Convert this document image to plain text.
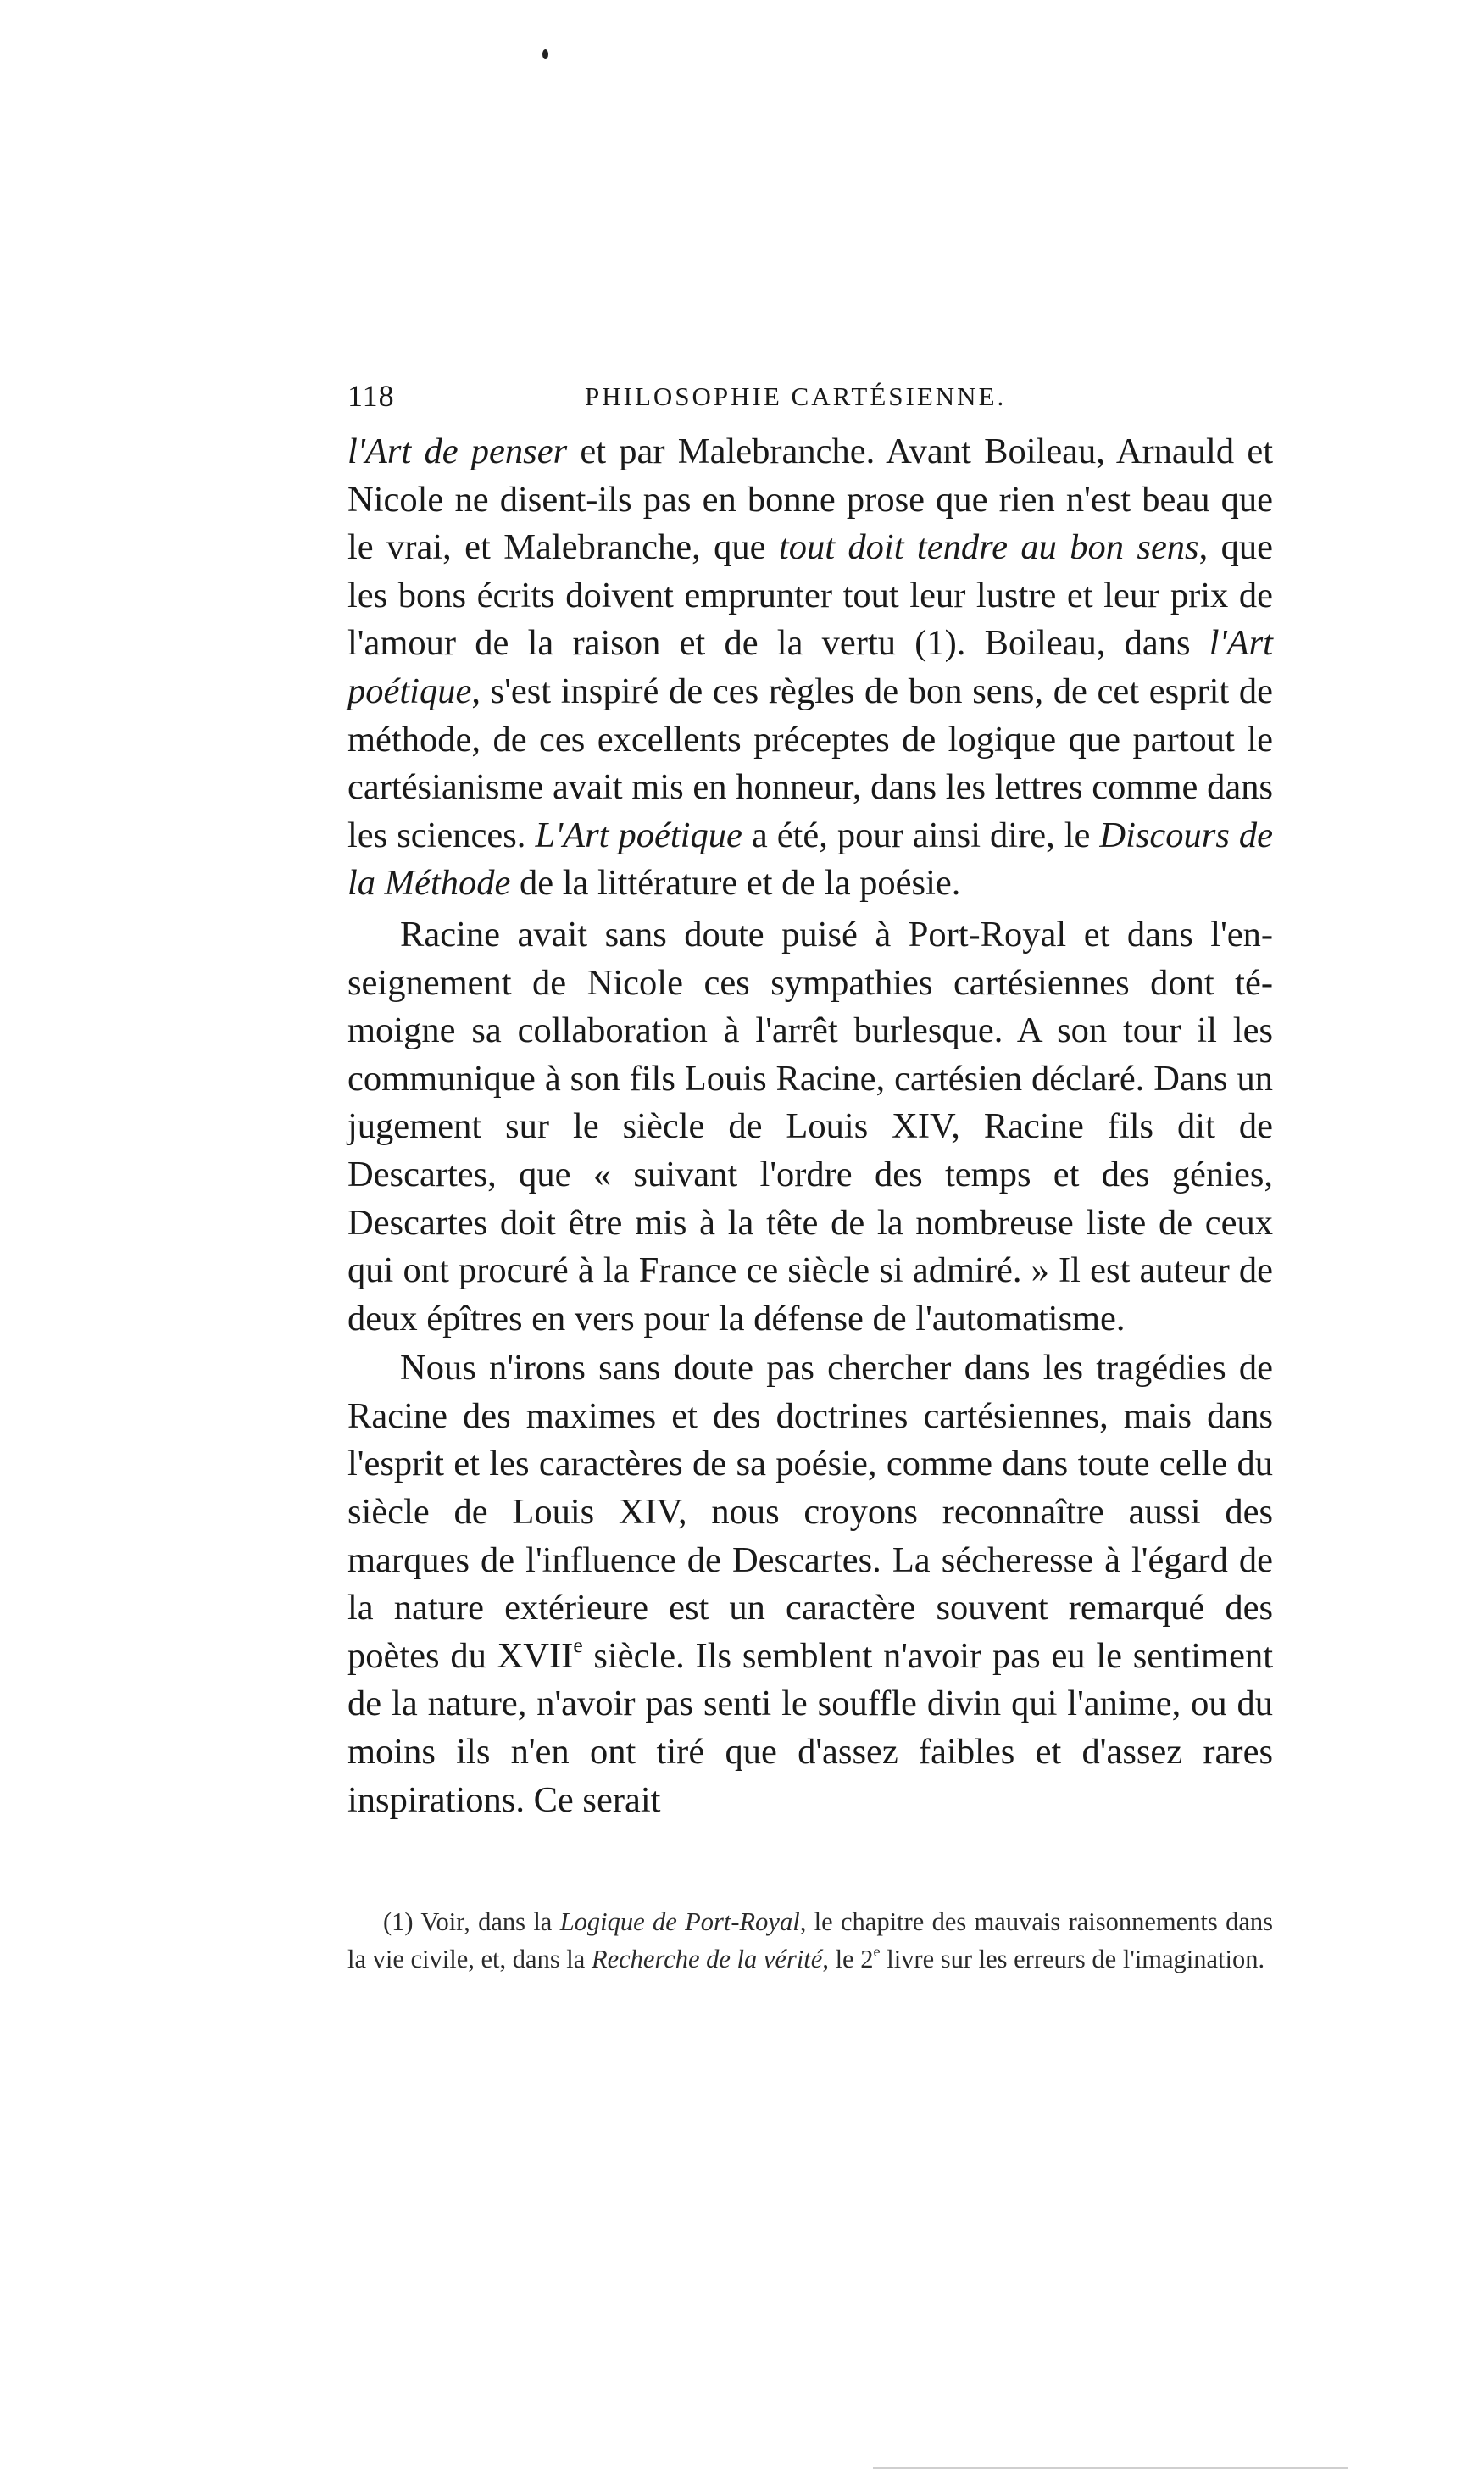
118	PHILOSOPHIE CARTÉSIENNE.

l'Art de penser et par Malebranche. Avant Boileau, Arnauld et Nicole ne disent-ils pas en bonne prose que rien n'est beau que le vrai, et Malebranche, que tout doit tendre au bon sens, que les bons écrits doivent emprunter tout leur lustre et leur prix de l'amour de la raison et de la vertu (1). Boileau, dans l'Art poétique, s'est inspiré de ces règles de bon sens, de cet esprit de méthode, de ces excellents préceptes de logique que partout le cartésianisme avait mis en honneur, dans les lettres comme dans les sciences. L'Art poétique a été, pour ainsi dire, le Discours de la Méthode de la littérature et de la poésie.

Racine avait sans doute puisé à Port-Royal et dans l'enseignement de Nicole ces sympathies cartésiennes dont témoigne sa collaboration à l'arrêt burlesque. A son tour il les communique à son fils Louis Racine, cartésien déclaré. Dans un jugement sur le siècle de Louis XIV, Racine fils dit de Descartes, que « suivant l'ordre des temps et des génies, Descartes doit être mis à la tête de la nombreuse liste de ceux qui ont procuré à la France ce siècle si admiré. » Il est auteur de deux épîtres en vers pour la défense de l'automatisme.

Nous n'irons sans doute pas chercher dans les tragédies de Racine des maximes et des doctrines cartésiennes, mais dans l'esprit et les caractères de sa poésie, comme dans toute celle du siècle de Louis XIV, nous croyons reconnaître aussi des marques de l'influence de Descartes. La sécheresse à l'égard de la nature extérieure est un caractère souvent remarqué des poètes du XVIIe siècle. Ils semblent n'avoir pas eu le sentiment de la nature, n'avoir pas senti le souffle divin qui l'anime, ou du moins ils n'en ont tiré que d'assez faibles et d'assez rares inspirations. Ce serait

(1) Voir, dans la Logique de Port-Royal, le chapitre des mauvais raisonnements dans la vie civile, et, dans la Recherche de la vérité, le 2e livre sur les erreurs de l'imagination.
